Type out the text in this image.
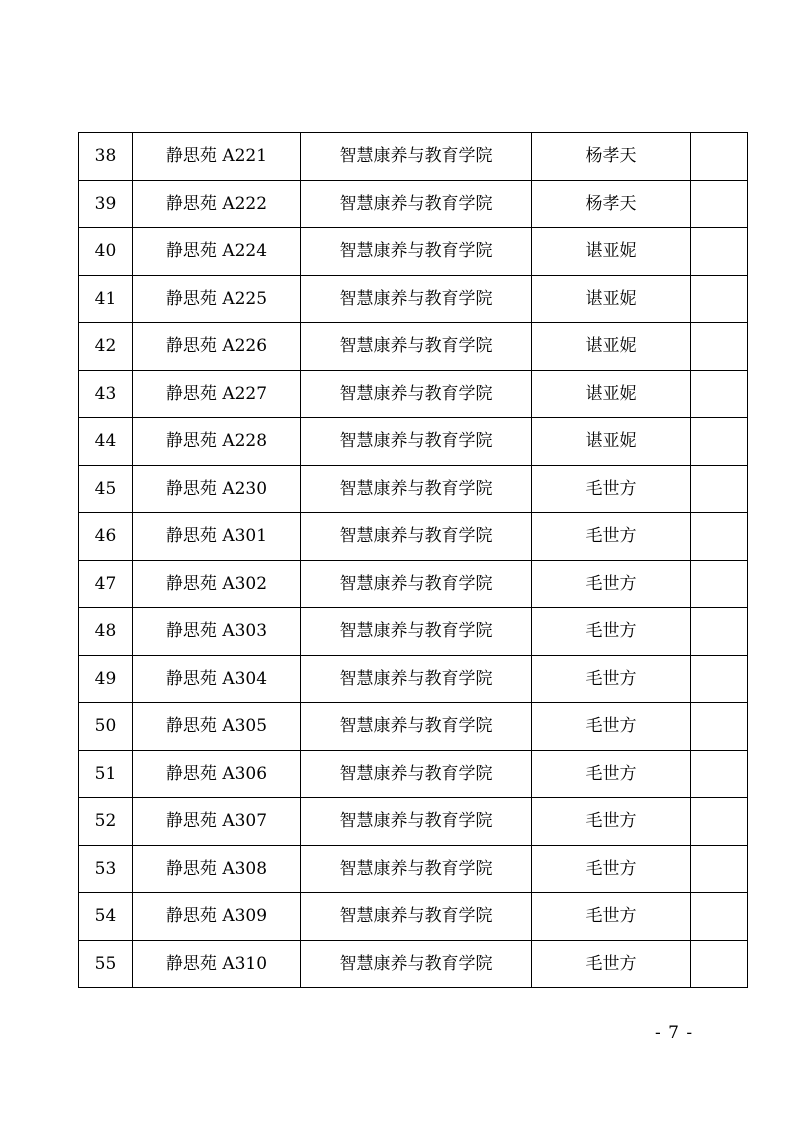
38	静思苑 A221	智慧康养与教育学院	杨孝天	
39	静思苑 A222	智慧康养与教育学院	杨孝天	
40	静思苑 A224	智慧康养与教育学院	谌亚妮	
41	静思苑 A225	智慧康养与教育学院	谌亚妮	
42	静思苑 A226	智慧康养与教育学院	谌亚妮	
43	静思苑 A227	智慧康养与教育学院	谌亚妮	
44	静思苑 A228	智慧康养与教育学院	谌亚妮	
45	静思苑 A230	智慧康养与教育学院	毛世方	
46	静思苑 A301	智慧康养与教育学院	毛世方	
47	静思苑 A302	智慧康养与教育学院	毛世方	
48	静思苑 A303	智慧康养与教育学院	毛世方	
49	静思苑 A304	智慧康养与教育学院	毛世方	
50	静思苑 A305	智慧康养与教育学院	毛世方	
51	静思苑 A306	智慧康养与教育学院	毛世方	
52	静思苑 A307	智慧康养与教育学院	毛世方	
53	静思苑 A308	智慧康养与教育学院	毛世方	
54	静思苑 A309	智慧康养与教育学院	毛世方	
55	静思苑 A310	智慧康养与教育学院	毛世方	
- 7 -
